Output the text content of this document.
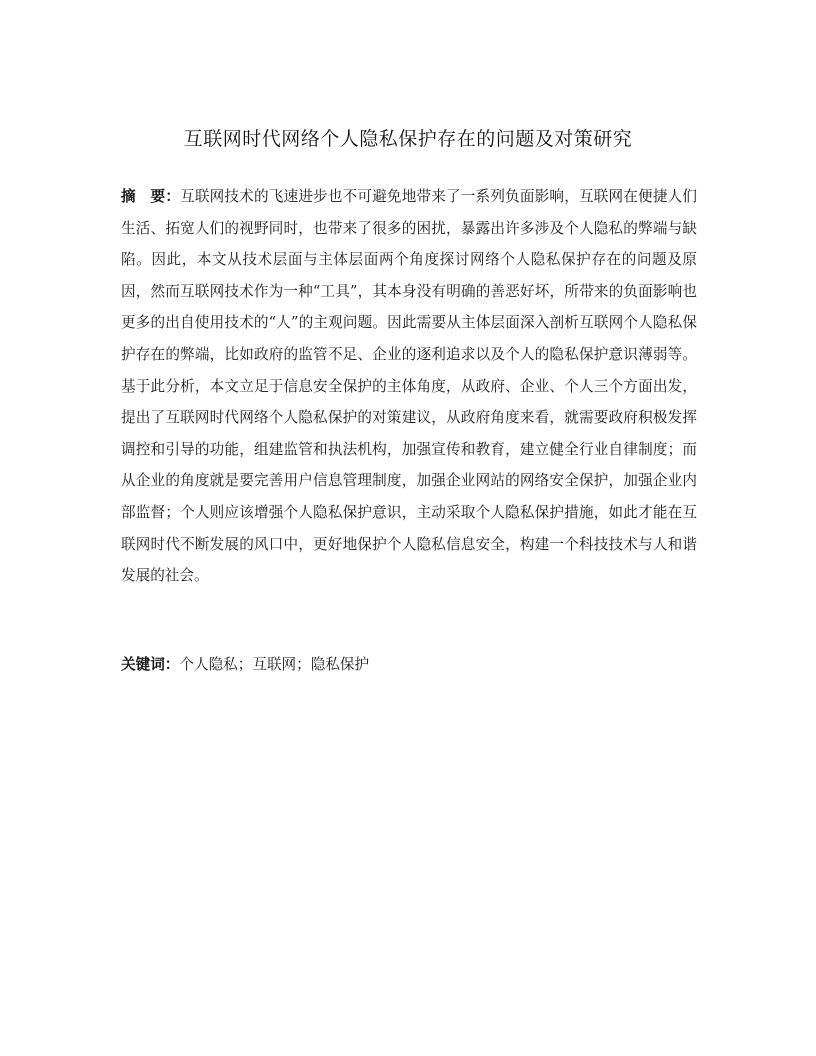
互联网时代网络个人隐私保护存在的问题及对策研究
摘　要：互联网技术的飞速进步也不可避免地带来了一系列负面影响，互联网在便捷人们生活、拓宽人们的视野同时，也带来了很多的困扰，暴露出许多涉及个人隐私的弊端与缺陷。因此，本文从技术层面与主体层面两个角度探讨网络个人隐私保护存在的问题及原因，然而互联网技术作为一种“工具”，其本身没有明确的善恶好坏，所带来的负面影响也更多的出自使用技术的“人”的主观问题。因此需要从主体层面深入剖析互联网个人隐私保护存在的弊端，比如政府的监管不足、企业的逐利追求以及个人的隐私保护意识薄弱等。基于此分析，本文立足于信息安全保护的主体角度，从政府、企业、个人三个方面出发，提出了互联网时代网络个人隐私保护的对策建议，从政府角度来看，就需要政府积极发挥调控和引导的功能，组建监管和执法机构，加强宣传和教育，建立健全行业自律制度；而从企业的角度就是要完善用户信息管理制度，加强企业网站的网络安全保护，加强企业内部监督；个人则应该增强个人隐私保护意识，主动采取个人隐私保护措施，如此才能在互联网时代不断发展的风口中，更好地保护个人隐私信息安全，构建一个科技技术与人和谐发展的社会。
关键词：个人隐私；互联网；隐私保护
